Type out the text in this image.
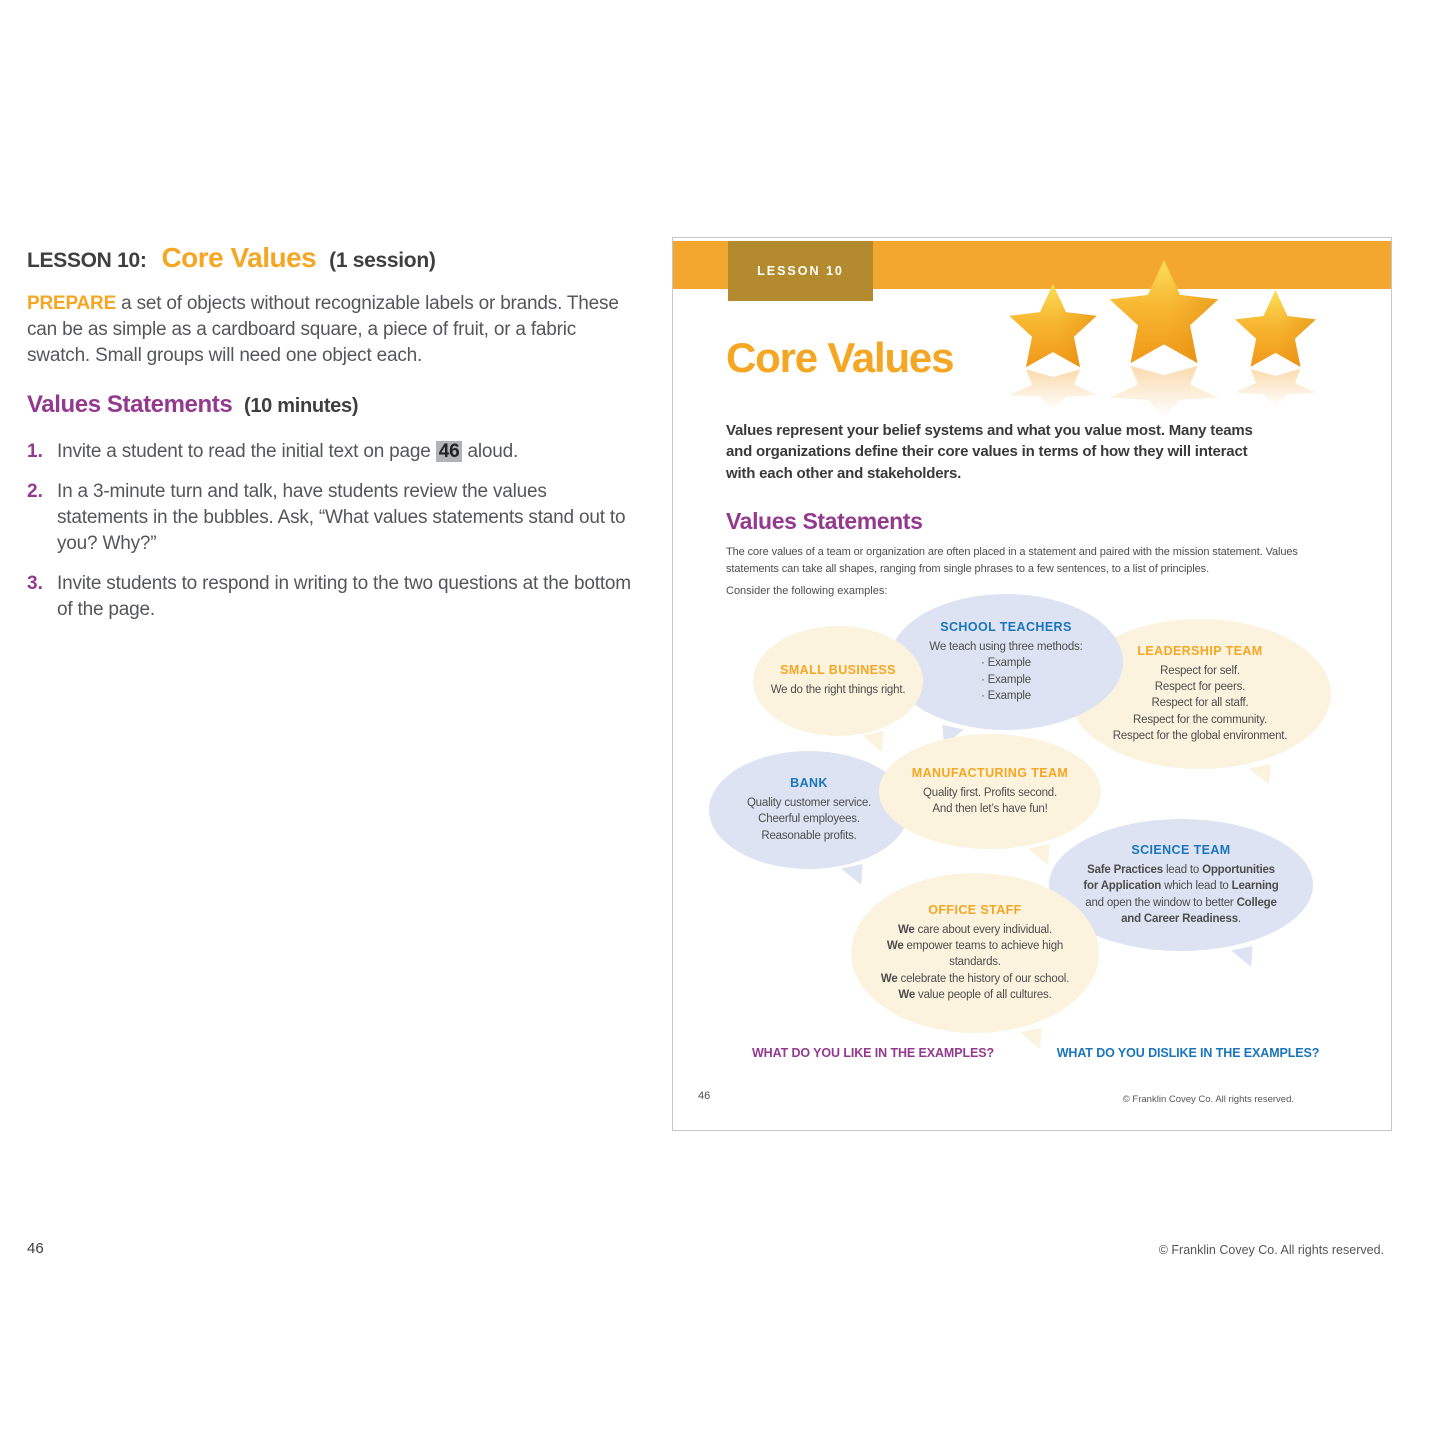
LESSON 10: Core Values (1 session)

PREPARE a set of objects without recognizable labels or brands. These can be as simple as a cardboard square, a piece of fruit, or a fabric swatch. Small groups will need one object each.

Values Statements (10 minutes)
1. Invite a student to read the initial text on page 46 aloud.
2. In a 3-minute turn and talk, have students review the values statements in the bubbles. Ask, “What values statements stand out to you? Why?”
3. Invite students to respond in writing to the two questions at the bottom of the page.
LESSON 10
Core Values
Values represent your belief systems and what you value most. Many teams and organizations define their core values in terms of how they will interact with each other and stakeholders.
Values Statements
The core values of a team or organization are often placed in a statement and paired with the mission statement. Values statements can take all shapes, ranging from single phrases to a few sentences, to a list of principles.
Consider the following examples:
SMALL BUSINESS
We do the right things right.
SCHOOL TEACHERS
We teach using three methods:
· Example
· Example
· Example
LEADERSHIP TEAM
Respect for self.
Respect for peers.
Respect for all staff.
Respect for the community.
Respect for the global environment.
BANK
Quality customer service.
Cheerful employees.
Reasonable profits.
MANUFACTURING TEAM
Quality first. Profits second.
And then let’s have fun!
SCIENCE TEAM
Safe Practices lead to Opportunities
for Application which lead to Learning
and open the window to better College
and Career Readiness.
OFFICE STAFF
We care about every individual.
We empower teams to achieve high standards.
We celebrate the history of our school.
We value people of all cultures.
WHAT DO YOU LIKE IN THE EXAMPLES?	WHAT DO YOU DISLIKE IN THE EXAMPLES?
46	© Franklin Covey Co. All rights reserved.
46	© Franklin Covey Co. All rights reserved.
